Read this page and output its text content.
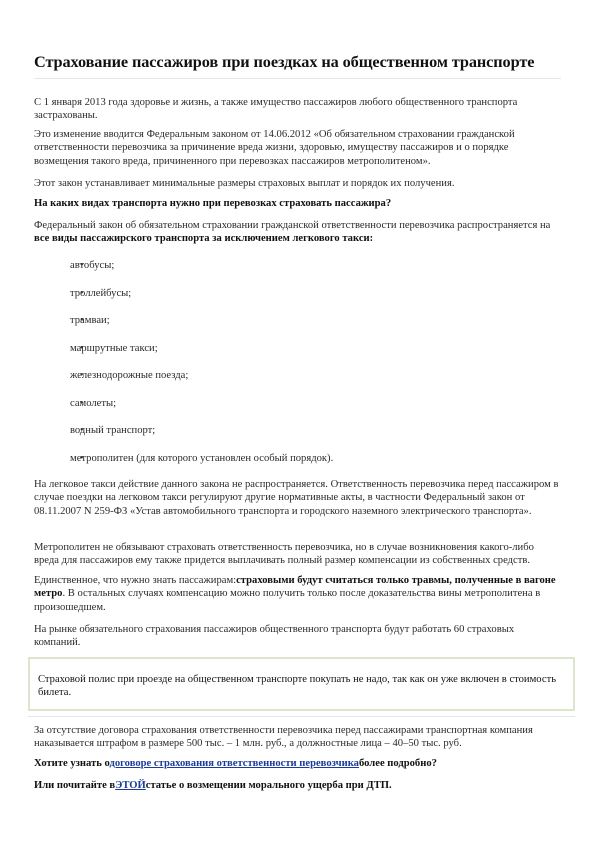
Страхование пассажиров при поездках на общественном транспорте

С 1 января 2013 года здоровье и жизнь, а также имущество пассажиров любого общественного транспорта застрахованы.

Это изменение вводится Федеральным законом от 14.06.2012 «Об обязательном страховании гражданской ответственности перевозчика за причинение вреда жизни, здоровью, имуществу пассажиров и о порядке возмещения такого вреда, причиненного при перевозках пассажиров метрополитеном».

Этот закон устанавливает минимальные размеры страховых выплат и порядок их получения.

На каких видах транспорта нужно при перевозках страховать пассажира?

Федеральный закон об обязательном страховании гражданской ответственности перевозчика распространяется на все виды пассажирского транспорта за исключением легкового такси:

• автобусы;
• троллейбусы;
• трамваи;
• маршрутные такси;
• железнодорожные поезда;
• самолеты;
• водный транспорт;
• метрополитен (для которого установлен особый порядок).

На легковое такси действие данного закона не распространяется. Ответственность перевозчика перед пассажиром в случае поездки на легковом такси регулируют другие нормативные акты, в частности Федеральный закон от 08.11.2007 N 259-ФЗ «Устав автомобильного транспорта и городского наземного электрического транспорта».

Метрополитен не обязывают страховать ответственность перевозчика, но в случае возникновения какого-либо вреда для пассажиров ему также придется выплачивать полный размер компенсации из собственных средств.

Единственное, что нужно знать пассажирам:страховыми будут считаться только травмы, полученные в вагоне метро. В остальных случаях компенсацию можно получить только после доказательства вины метрополитена в произошедшем.

На рынке обязательного страхования пассажиров общественного транспорта будут работать 60 страховых компаний.

Страховой полис при проезде на общественном транспорте покупать не надо, так как он уже включен в стоимость билета.

За отсутствие договора страхования ответственности перевозчика перед пассажирами транспортная компания наказывается штрафом в размере 500 тыс. – 1 млн. руб., а должностные лица – 40–50 тыс. руб.

Хотите узнать одоговоре страхования ответственности перевозчикаболее подробно?

Или почитайте вЭТОЙстатье о возмещении морального ущерба при ДТП.
